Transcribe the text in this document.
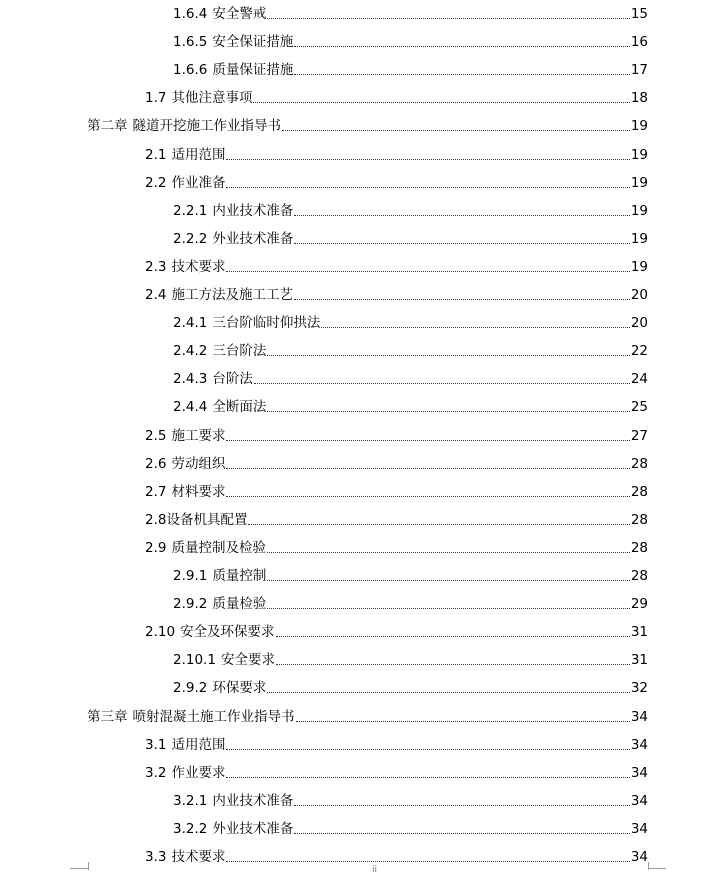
1.6.4 安全警戒	15
1.6.5 安全保证措施	16
1.6.6 质量保证措施	17
1.7 其他注意事项	18
第二章 隧道开挖施工作业指导书	19
2.1 适用范围	19
2.2 作业准备	19
2.2.1 内业技术准备	19
2.2.2 外业技术准备	19
2.3 技术要求	19
2.4 施工方法及施工工艺	20
2.4.1 三台阶临时仰拱法	20
2.4.2 三台阶法	22
2.4.3 台阶法	24
2.4.4 全断面法	25
2.5 施工要求	27
2.6 劳动组织	28
2.7 材料要求	28
2.8 设备机具配置	28
2.9 质量控制及检验	28
2.9.1 质量控制	28
2.9.2 质量检验	29
2.10 安全及环保要求	31
2.10.1 安全要求	31
2.9.2 环保要求	32
第三章 喷射混凝土施工作业指导书	34
3.1 适用范围	34
3.2 作业要求	34
3.2.1 内业技术准备	34
3.2.2 外业技术准备	34
3.3 技术要求	34
ii
